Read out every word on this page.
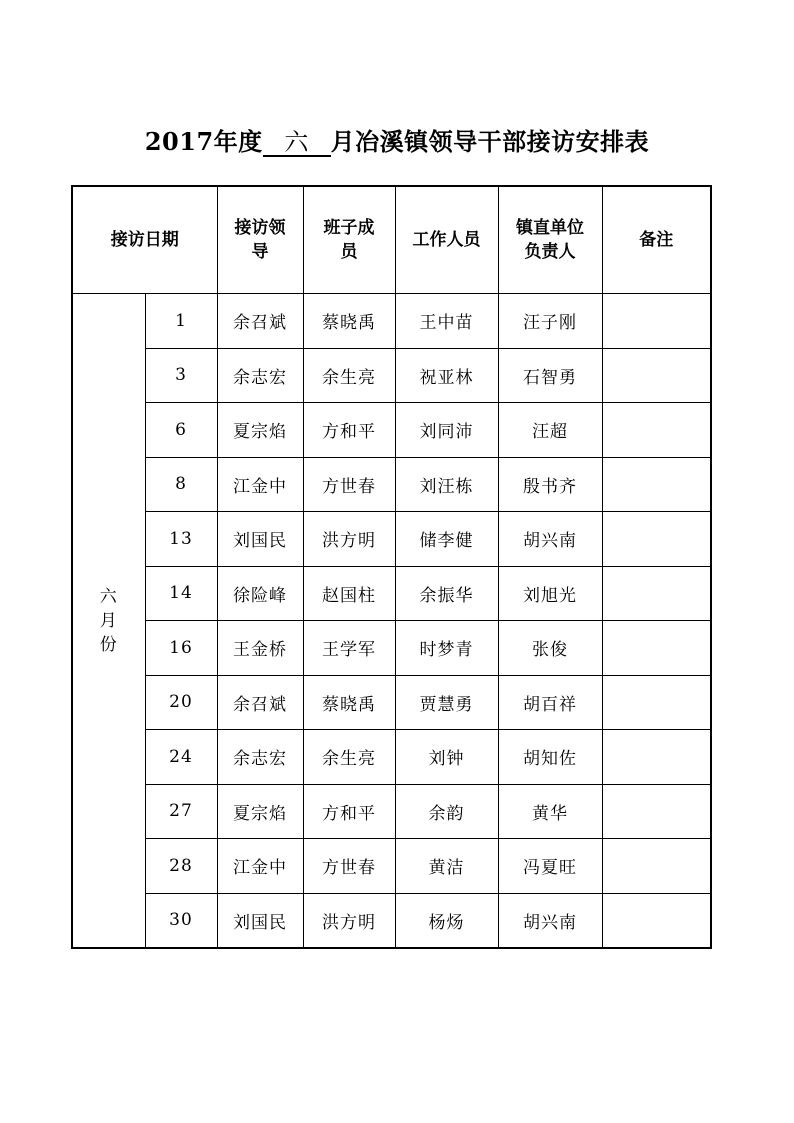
2017年度 六 月冶溪镇领导干部接访安排表
接访日期		接访领导	班子成员	工作人员	镇直单位负责人	备注
六月份	1	余召斌	蔡晓禹	王中苗	汪子刚	
	3	余志宏	余生亮	祝亚林	石智勇	
	6	夏宗焰	方和平	刘同沛	汪超	
	8	江金中	方世春	刘汪栋	殷书齐	
	13	刘国民	洪方明	储李健	胡兴南	
	14	徐险峰	赵国柱	余振华	刘旭光	
	16	王金桥	王学军	时梦青	张俊	
	20	余召斌	蔡晓禹	贾慧勇	胡百祥	
	24	余志宏	余生亮	刘钟	胡知佐	
	27	夏宗焰	方和平	余韵	黄华	
	28	江金中	方世春	黄洁	冯夏旺	
	30	刘国民	洪方明	杨炀	胡兴南	
